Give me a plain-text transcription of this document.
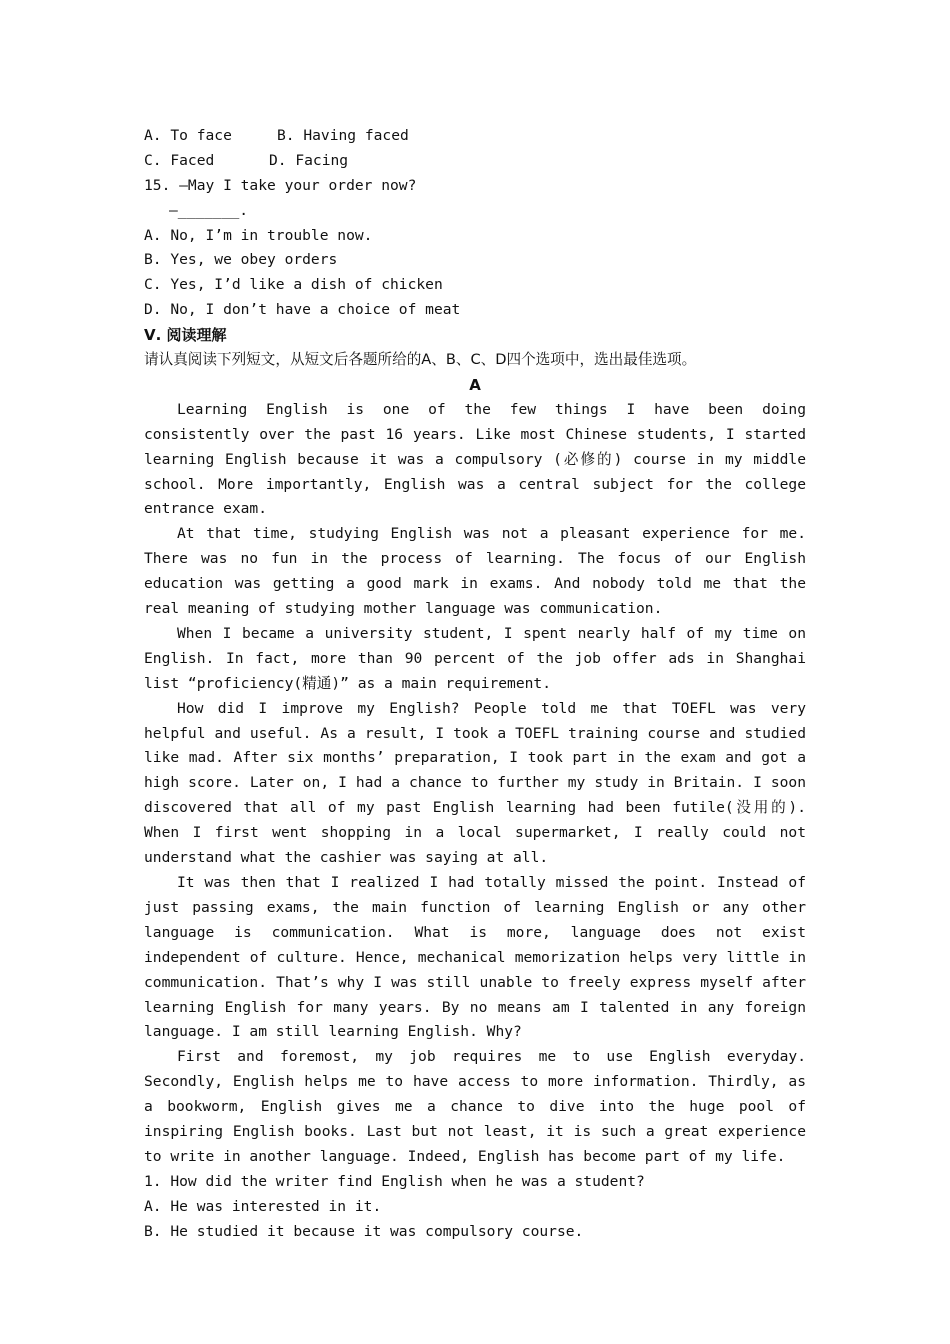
A. To face	B. Having faced
C. Faced	D. Facing
15. —May I take your order now?
—_______.
A. No, I’m in trouble now.
B. Yes, we obey orders
C. Yes, I’d like a dish of chicken
D. No, I don’t have a choice of meat
Ⅴ. 阅读理解
请认真阅读下列短文，从短文后各题所给的A、B、C、D四个选项中，选出最佳选项。
A

Learning English is one of the few things I have been doing consistently over the past 16 years. Like most Chinese students, I started learning English because it was a compulsory (必修的) course in my middle school. More importantly, English was a central subject for the college entrance exam.

At that time, studying English was not a pleasant experience for me. There was no fun in the process of learning. The focus of our English education was getting a good mark in exams. And nobody told me that the real meaning of studying mother language was communication.

When I became a university student, I spent nearly half of my time on English. In fact, more than 90 percent of the job offer ads in Shanghai list “proficiency(精通)” as a main requirement.

How did I improve my English? People told me that TOEFL was very helpful and useful. As a result, I took a TOEFL training course and studied like mad. After six months’ preparation, I took part in the exam and got a high score. Later on, I had a chance to further my study in Britain. I soon discovered that all of my past English learning had been futile(没用的). When I first went shopping in a local supermarket, I really could not understand what the cashier was saying at all.

It was then that I realized I had totally missed the point. Instead of just passing exams, the main function of learning English or any other language is communication. What is more, language does not exist independent of culture. Hence, mechanical memorization helps very little in communication. That’s why I was still unable to freely express myself after learning English for many years. By no means am I talented in any foreign language. I am still learning English. Why?

First and foremost, my job requires me to use English everyday. Secondly, English helps me to have access to more information. Thirdly, as a bookworm, English gives me a chance to dive into the huge pool of inspiring English books. Last but not least, it is such a great experience to write in another language. Indeed, English has become part of my life.

1. How did the writer find English when he was a student?
A. He was interested in it.
B. He studied it because it was compulsory course.
